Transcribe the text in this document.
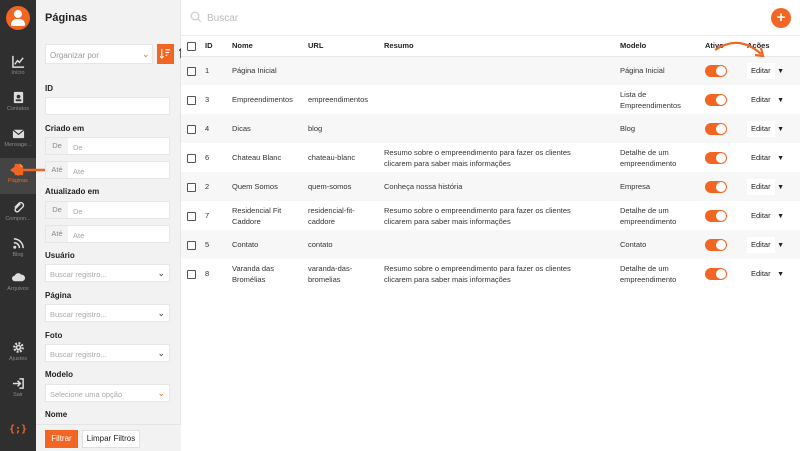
Início
Contatos
Mensage...
Páginas
Compon...
Blog
Arquivos
Ajustes
Sair
{;}
Páginas
Organizar por	⌄
ID
Criado em
De	De
Até	Até
Atualizado em
De	De
Até	Até
Usuário
Buscar registro...	⌄
Página
Buscar registro...	⌄
Foto
Buscar registro...	⌄
Modelo
Selecione uma opção	⌄
Nome
Filtrar	Limpar Filtros
Buscar
+
	ID	Nome	URL	Resumo	Modelo	Ativo	Ações
	1	Página Inicial			Página Inicial		Editar ▼
	3	Empreendimentos	empreendimentos		Lista de Empreendimentos		Editar ▼
	4	Dicas	blog		Blog		Editar ▼
	6	Chateau Blanc	chateau-blanc	Resumo sobre o empreendimento para fazer os clientes clicarem para saber mais informações	Detalhe de um empreendimento		Editar ▼
	2	Quem Somos	quem-somos	Conheça nossa história	Empresa		Editar ▼
	7	Residencial Fit Caddore	residencial-fit-caddore	Resumo sobre o empreendimento para fazer os clientes clicarem para saber mais informações	Detalhe de um empreendimento		Editar ▼
	5	Contato	contato		Contato		Editar ▼
	8	Varanda das Bromélias	varanda-das-bromelias	Resumo sobre o empreendimento para fazer os clientes clicarem para saber mais informações	Detalhe de um empreendimento		Editar ▼
